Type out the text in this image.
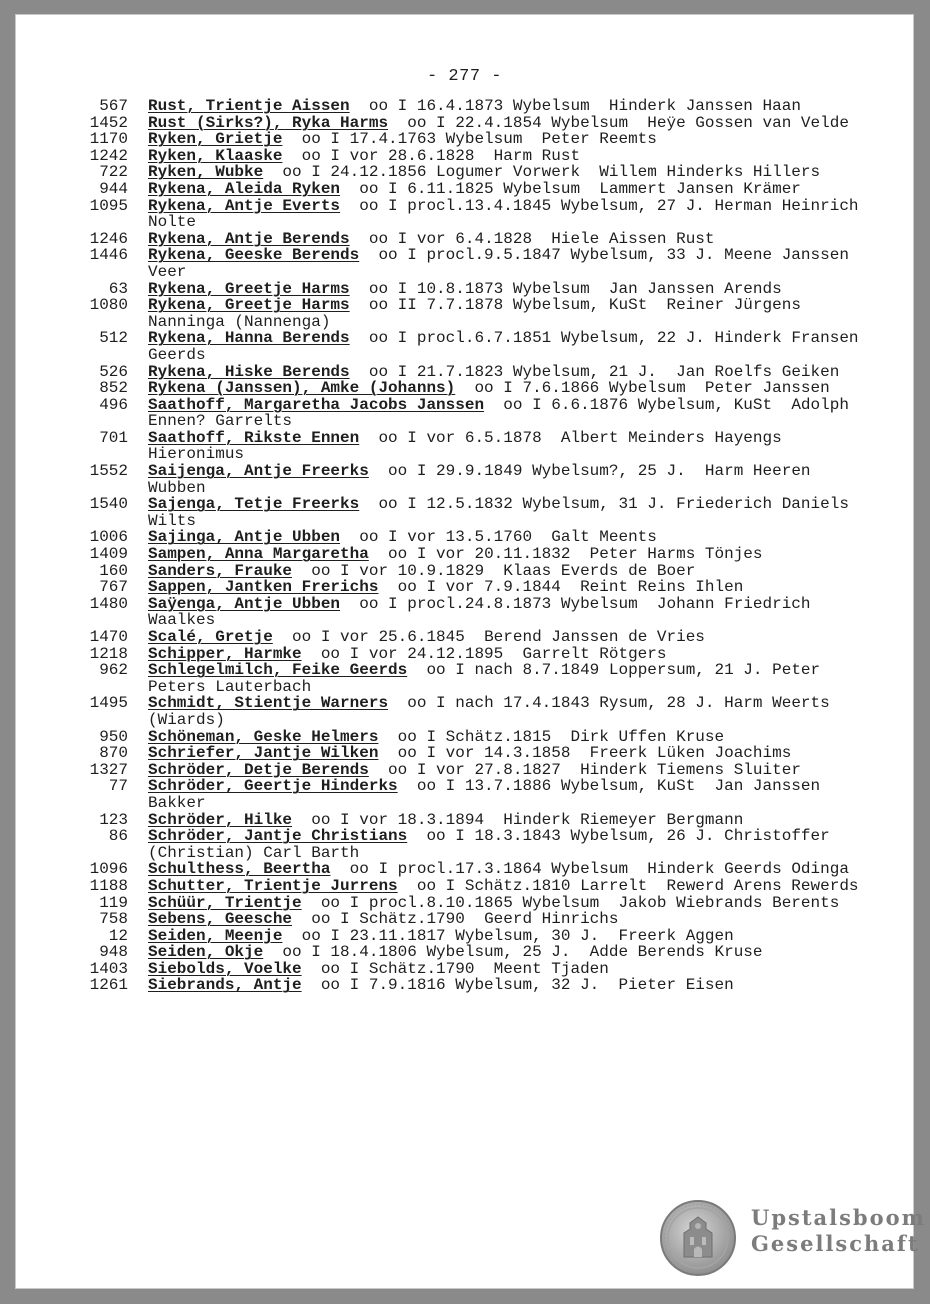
- 277 -
567 Rust, Trientje Aissen oo I 16.4.1873 Wybelsum  Hinderk Janssen Haan
1452 Rust (Sirks?), Ryka Harms oo I 22.4.1854 Wybelsum  Heÿe Gossen van Velde
1170 Ryken, Grietje oo I 17.4.1763 Wybelsum  Peter Reemts
1242 Ryken, Klaaske oo I vor 28.6.1828  Harm Rust
722 Ryken, Wubke oo I 24.12.1856 Logumer Vorwerk  Willem Hinderks Hillers
944 Rykena, Aleida Ryken oo I 6.11.1825 Wybelsum  Lammert Jansen Krämer
1095 Rykena, Antje Everts oo I procl.13.4.1845 Wybelsum, 27 J. Herman Heinrich Nolte
1246 Rykena, Antje Berends oo I vor 6.4.1828  Hiele Aissen Rust
1446 Rykena, Geeske Berends oo I procl.9.5.1847 Wybelsum, 33 J. Meene Janssen Veer
63 Rykena, Greetje Harms oo I 10.8.1873 Wybelsum  Jan Janssen Arends
1080 Rykena, Greetje Harms oo II 7.7.1878 Wybelsum, KuSt  Reiner Jürgens Nanninga (Nannenga)
512 Rykena, Hanna Berends oo I procl.6.7.1851 Wybelsum, 22 J. Hinderk Fransen Geerds
526 Rykena, Hiske Berends oo I 21.7.1823 Wybelsum, 21 J.  Jan Roelfs Geiken
852 Rykena (Janssen), Amke (Johanns) oo I 7.6.1866 Wybelsum  Peter Janssen
496 Saathoff, Margaretha Jacobs Janssen oo I 6.6.1876 Wybelsum, KuSt  Adolph Ennen? Garrelts
701 Saathoff, Rikste Ennen oo I vor 6.5.1878  Albert Meinders Hayengs Hieronimus
1552 Saijenga, Antje Freerks oo I 29.9.1849 Wybelsum?, 25 J.  Harm Heeren Wubben
1540 Sajenga, Tetje Freerks oo I 12.5.1832 Wybelsum, 31 J. Friederich Daniels Wilts
1006 Sajinga, Antje Ubben oo I vor 13.5.1760  Galt Meents
1409 Sampen, Anna Margaretha oo I vor 20.11.1832  Peter Harms Tönjes
160 Sanders, Frauke oo I vor 10.9.1829  Klaas Everds de Boer
767 Sappen, Jantken Frerichs oo I vor 7.9.1844  Reint Reins Ihlen
1480 Saÿenga, Antje Ubben oo I procl.24.8.1873 Wybelsum  Johann Friedrich Waalkes
1470 Scalé, Gretje oo I vor 25.6.1845  Berend Janssen de Vries
1218 Schipper, Harmke oo I vor 24.12.1895  Garrelt Rötgers
962 Schlegelmilch, Feike Geerds oo I nach 8.7.1849 Loppersum, 21 J. Peter Peters Lauterbach
1495 Schmidt, Stientje Warners oo I nach 17.4.1843 Rysum, 28 J. Harm Weerts (Wiards)
950 Schöneman, Geske Helmers oo I Schätz.1815  Dirk Uffen Kruse
870 Schriefer, Jantje Wilken oo I vor 14.3.1858  Freerk Lüken Joachims
1327 Schröder, Detje Berends oo I vor 27.8.1827  Hinderk Tiemens Sluiter
77 Schröder, Geertje Hinderks oo I 13.7.1886 Wybelsum, KuSt  Jan Janssen Bakker
123 Schröder, Hilke oo I vor 18.3.1894  Hinderk Riemeyer Bergmann
86 Schröder, Jantje Christians oo I 18.3.1843 Wybelsum, 26 J. Christoffer (Christian) Carl Barth
1096 Schulthess, Beertha oo I procl.17.3.1864 Wybelsum  Hinderk Geerds Odinga
1188 Schutter, Trientje Jurrens oo I Schätz.1810 Larrelt  Rewerd Arens Rewerds
119 Schüür, Trientje oo I procl.8.10.1865 Wybelsum  Jakob Wiebrands Berents
758 Sebens, Geesche oo I Schätz.1790  Geerd Hinrichs
12 Seiden, Meenje oo I 23.11.1817 Wybelsum, 30 J.  Freerk Aggen
948 Seiden, Okje oo I 18.4.1806 Wybelsum, 25 J.  Adde Berends Kruse
1403 Siebolds, Voelke oo I Schätz.1790  Meent Tjaden
1261 Siebrands, Antje oo I 7.9.1816 Wybelsum, 32 J.  Pieter Eisen
Upstalsboom
Gesellschaft
